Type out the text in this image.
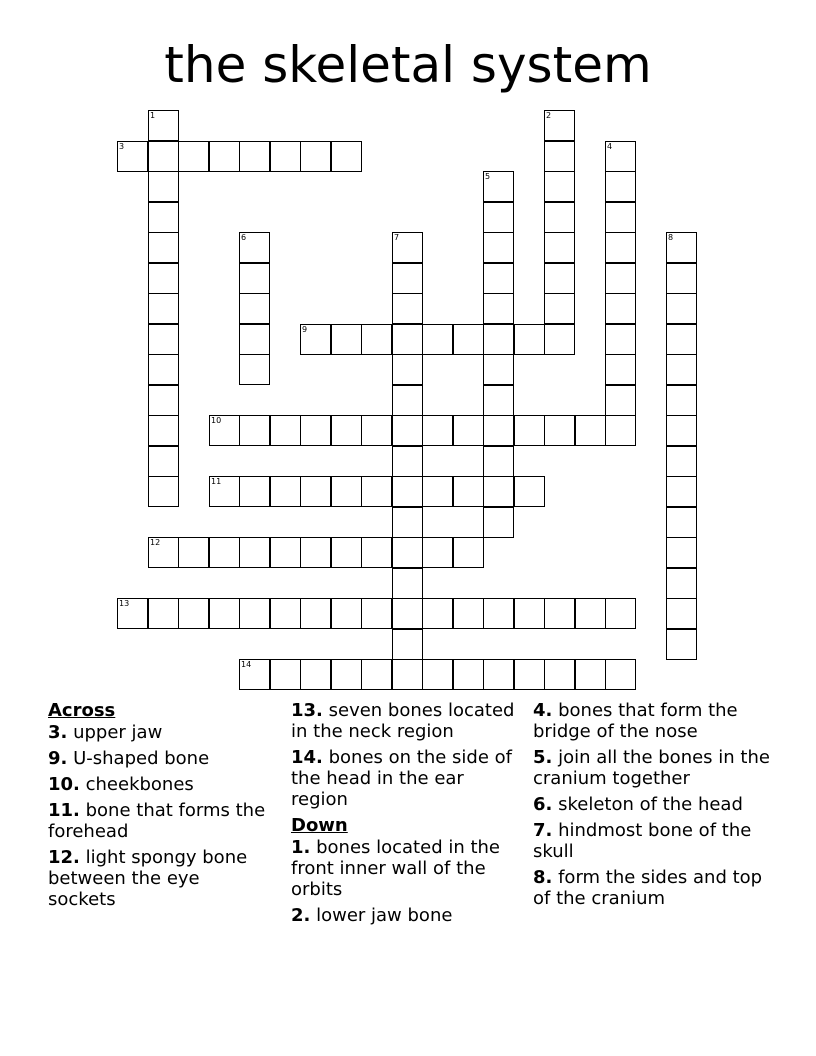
the skeletal system
1	2
3	4
5
6	7	8
9
10
11
12
13
14
Across
3. upper jaw
9. U-shaped bone
10. cheekbones
11. bone that forms the forehead
12. light spongy bone between the eye sockets
13. seven bones located in the neck region
14. bones on the side of the head in the ear region
Down
1. bones located in the front inner wall of the orbits
2. lower jaw bone
4. bones that form the bridge of the nose
5. join all the bones in the cranium together
6. skeleton of the head
7. hindmost bone of the skull
8. form the sides and top of the cranium
